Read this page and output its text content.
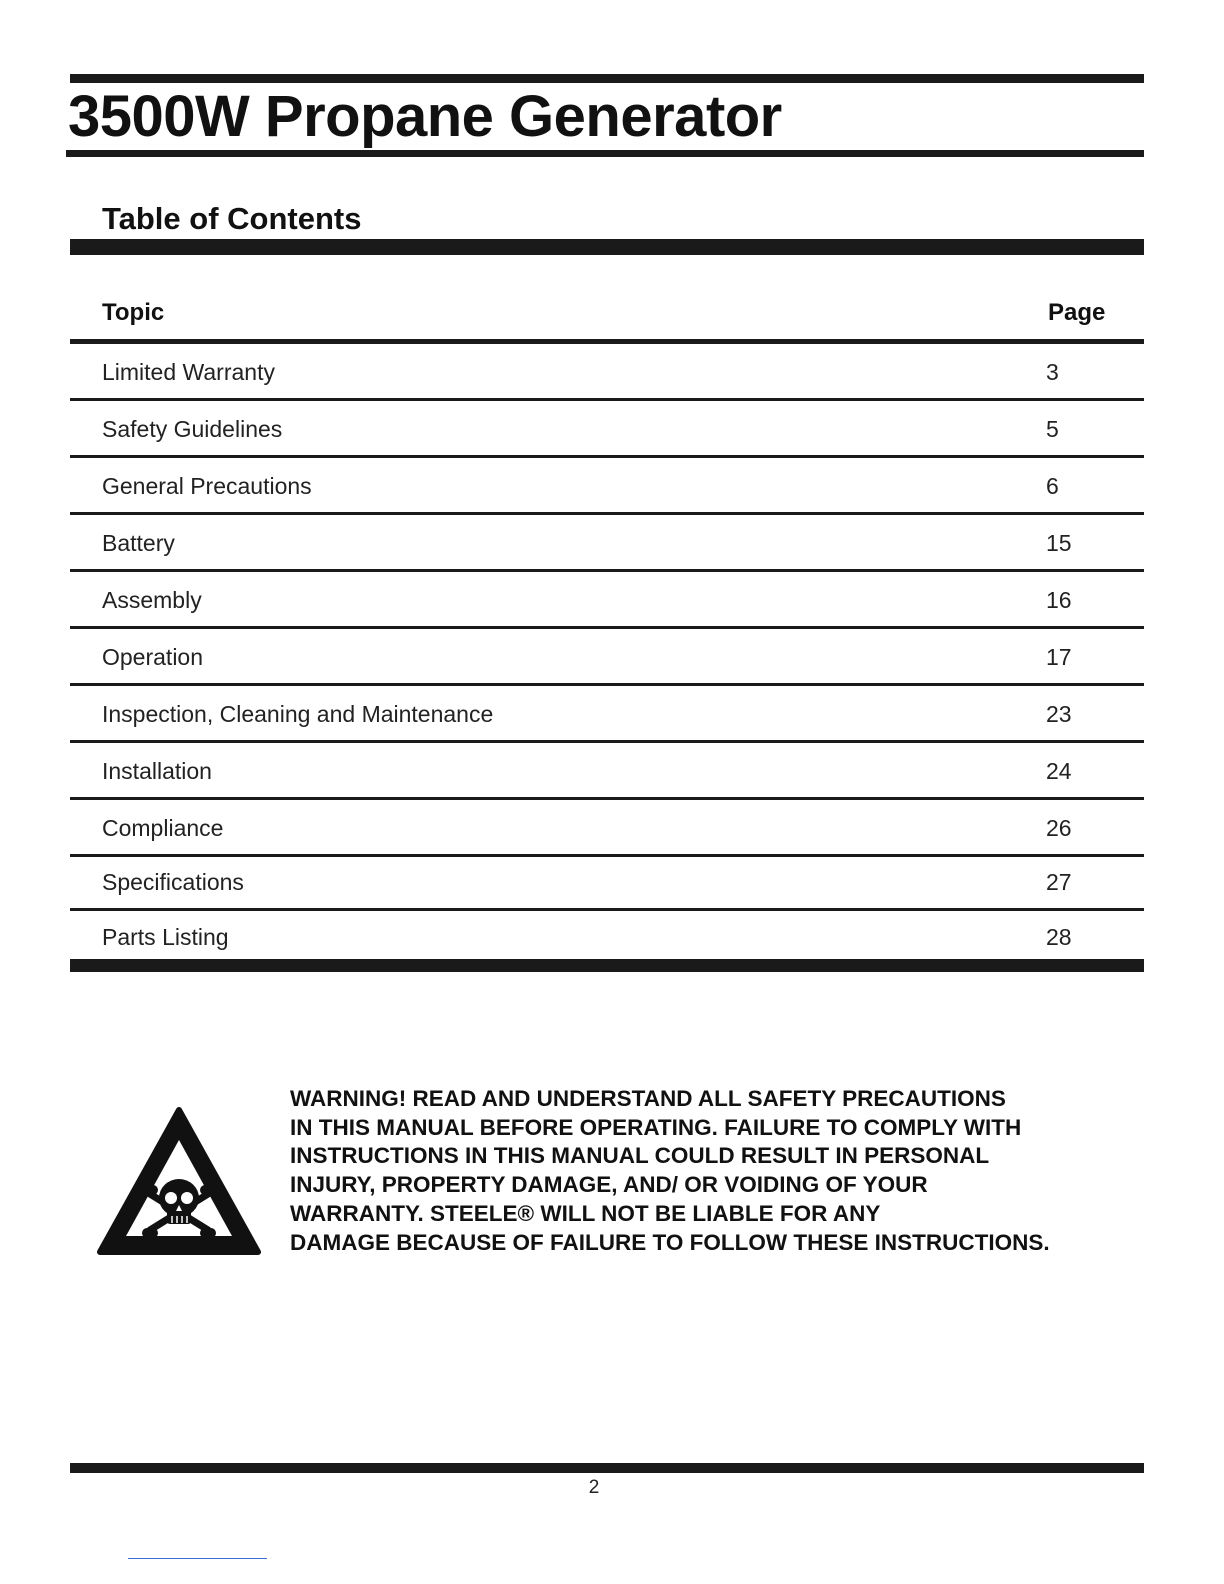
3500W Propane Generator
Table of Contents
Topic	Page
Limited Warranty	3
Safety Guidelines	5
General Precautions	6
Battery	15
Assembly	16
Operation	17
Inspection, Cleaning and Maintenance	23
Installation	24
Compliance	26
Specifications	27
Parts Listing	28
WARNING! READ AND UNDERSTAND ALL SAFETY PRECAUTIONS
IN THIS MANUAL BEFORE OPERATING. FAILURE TO COMPLY WITH
INSTRUCTIONS IN THIS MANUAL COULD RESULT IN PERSONAL
INJURY, PROPERTY DAMAGE, AND/ OR VOIDING OF YOUR
WARRANTY. STEELE® WILL NOT BE LIABLE FOR ANY
DAMAGE BECAUSE OF FAILURE TO FOLLOW THESE INSTRUCTIONS.
2
